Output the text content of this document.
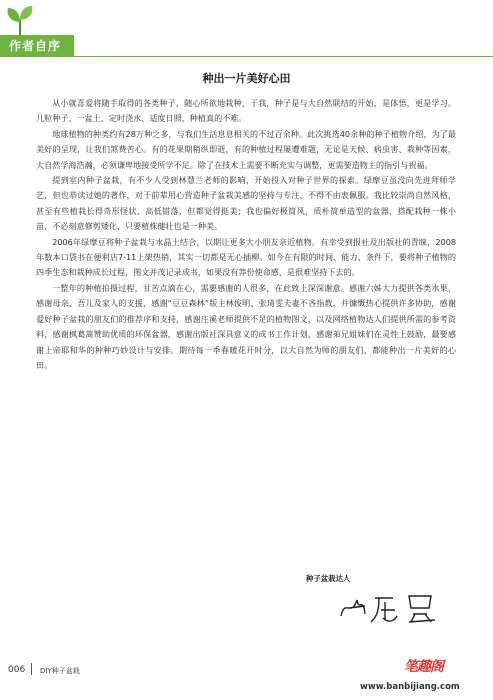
作者自序
种出一片美好心田

从小就喜爱将随手取得的各类种子，随心所欲地栽种，于我，种子是与大自然联结的开始，是体悟，更是学习。几粒种子、一盆土、定时浇水、适度日照，种植真的不难。

地球植物的种类约有28万种之多，与我们生活息息相关的不过百余种。此次挑选40余种的种子植物介绍，为了最美好的呈现，让我们煞费苦心。有的花果期稍纵即逝，有的种植过程屡遭难题，无论是天候、病虫害、栽种等因素，大自然学海浩瀚，必须谦卑地接受所学不足。除了在技术上需要不断充实与调整，更需要造物主的指引与祝福。

提到室内种子盆栽，有不少人受到林慧兰老师的影响，开始投入对种子世界的探索。绿摩豆虽没向先进拜师学艺，但也恭读过她的著作，对于前辈用心营造种子盆栽美感的坚持与专注，不得不由衷佩服。我比较崇尚自然风格，甚至有些植栽长得奇形怪状、高低错落，但都觉得挺美；我也偏好极简风，质朴简单造型的盆器，搭配栽种一株小苗，不必刻意修剪矮化，只要植株健壮也是一种美。

2006年绿摩豆将种子盆栽与水晶土结合，以期让更多大小朋友亲近植物。有幸受到报社及出版社的青睐，2008年数本口袋书在便利店7-11上架热销，其实一切都是无心插柳。如今在有限的时间、能力、条件下，要将种子植物的四季生态和栽种成长过程，图文并茂记录成书，如果没有莽份使命感，是很难坚持下去的。

一整年的种植拍摄过程，甘苦点滴在心，需要感谢的人很多，在此致上深深谢意。感谢六姊大力提供各类水果，感谢母亲、吾儿及家人的支援，感谢“豆豆森林”版主林俊明、张琦雯夫妻不吝指教，并慷慨热心提供许多协助，感谢爱好种子盆栽的朋友们的推荐序和支持，感谢庄溪老师提供不足的植物图文，以及网络植物达人们提供所需的参考资料，感谢枫葛蒿赞助优质的环保盆器，感谢出版社深具意义的成书工作计划，感谢弟兄姐妹们在灵性上鼓励，最要感谢上帝耶和华的种种巧妙设计与安排。期待每一季春暖花开时分，以大自然为师的朋友们，都能种出一片美好的心田。

种子盆栽达人
006 DIY种子盆栽	笔趣阁
www.banbijiang.com
